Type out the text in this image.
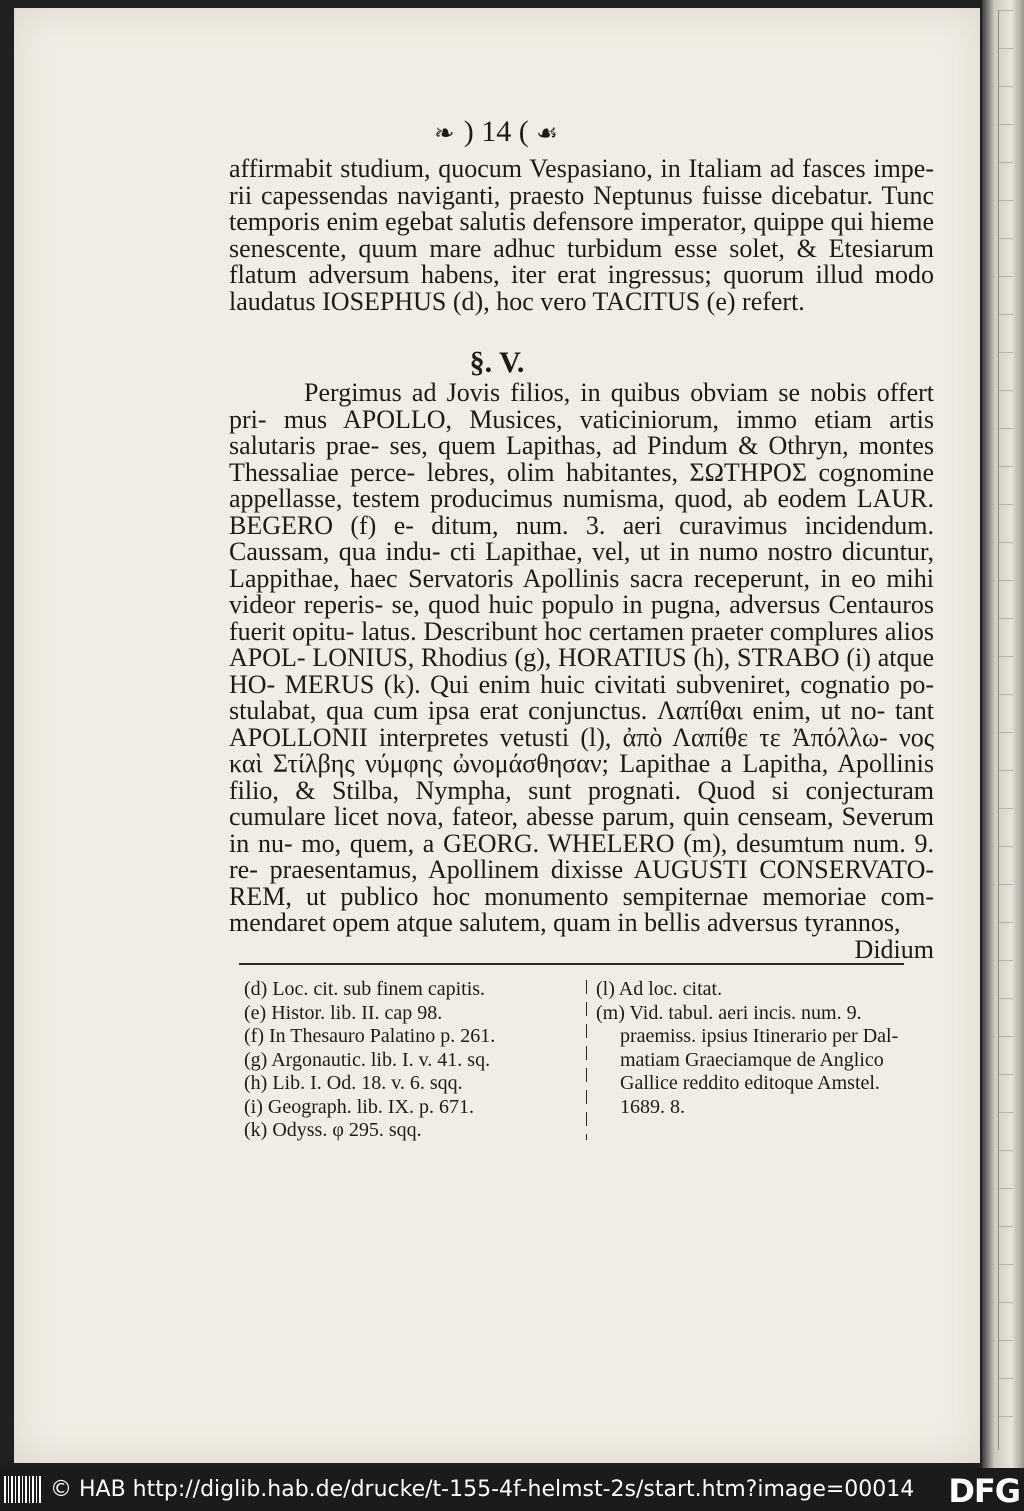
❧ ) 14 ( ☙

affirmabit studium, quocum Vespasiano, in Italiam ad fasces impe- rii capessendas naviganti, praesto Neptunus fuisse dicebatur. Tunc temporis enim egebat salutis defensore imperator, quippe qui hieme senescente, quum mare adhuc turbidum esse solet, & Etesiarum flatum adversum habens, iter erat ingressus; quorum illud modo laudatus IOSEPHUS (d), hoc vero TACITUS (e) refert.

§. V.

Pergimus ad Jovis filios, in quibus obviam se nobis offert pri- mus APOLLO, Musices, vaticiniorum, immo etiam artis salutaris prae- ses, quem Lapithas, ad Pindum & Othryn, montes Thessaliae perce- lebres, olim habitantes, ΣΩΤΗΡΟΣ cognomine appellasse, testem producimus numisma, quod, ab eodem LAUR. BEGERO (f) e- ditum, num. 3. aeri curavimus incidendum. Caussam, qua indu- cti Lapithae, vel, ut in numo nostro dicuntur, Lappithae, haec Servatoris Apollinis sacra receperunt, in eo mihi videor reperis- se, quod huic populo in pugna, adversus Centauros fuerit opitu- latus. Describunt hoc certamen praeter complures alios APOL- LONIUS, Rhodius (g), HORATIUS (h), STRABO (i) atque HO- MERUS (k). Qui enim huic civitati subveniret, cognatio po- stulabat, qua cum ipsa erat conjunctus. Λαπίθαι enim, ut no- tant APOLLONII interpretes vetusti (l), ἀπὸ Λαπίθε τε Ἀπόλλω- νος καὶ Στίλβης νύμφης ὠνομάσθησαν; Lapithae a Lapitha, Apollinis filio, & Stilba, Nympha, sunt prognati. Quod si conjecturam cumulare licet nova, fateor, abesse parum, quin censeam, Severum in nu- mo, quem, a GEORG. WHELERO (m), desumtum num. 9. re- praesentamus, Apollinem dixisse AUGUSTI CONSERVATO- REM, ut publico hoc monumento sempiternae memoriae com- mendaret opem atque salutem, quam in bellis adversus tyrannos,
Didium

(d) Loc. cit. sub finem capitis.
(e) Histor. lib. II. cap 98.
(f) In Thesauro Palatino p. 261.
(g) Argonautic. lib. I. v. 41. sq.
(h) Lib. I. Od. 18. v. 6. sqq.
(i) Geograph. lib. IX. p. 671.
(k) Odyss. φ 295. sqq.
(l) Ad loc. citat.
(m) Vid. tabul. aeri incis. num. 9.
praemiss. ipsius Itinerario per Dal-
matiam Graeciamque de Anglico
Gallice reddito editoque Amstel.
1689. 8.
© HAB http://diglib.hab.de/drucke/t-155-4f-helmst-2s/start.htm?image=00014 DFG
